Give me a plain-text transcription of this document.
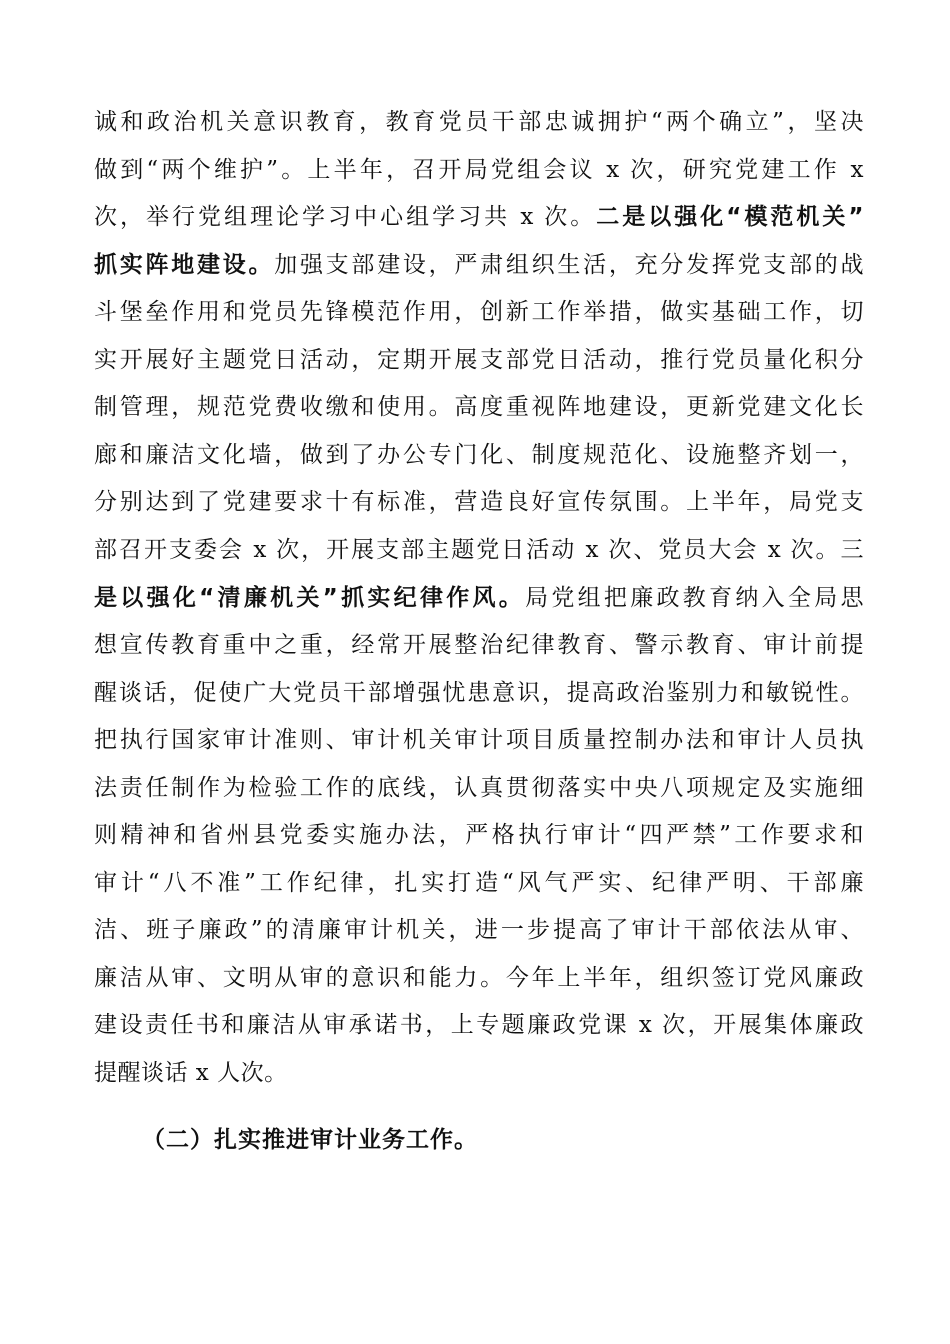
诚和政治机关意识教育，教育党员干部忠诚拥护“两个确立”，坚决
做到“两个维护”。上半年，召开局党组会议 x 次，研究党建工作 x
次，举行党组理论学习中心组学习共 x 次。二是以强化“模范机关”
抓实阵地建设。加强支部建设，严肃组织生活，充分发挥党支部的战
斗堡垒作用和党员先锋模范作用，创新工作举措，做实基础工作，切
实开展好主题党日活动，定期开展支部党日活动，推行党员量化积分
制管理，规范党费收缴和使用。高度重视阵地建设，更新党建文化长
廊和廉洁文化墙，做到了办公专门化、制度规范化、设施整齐划一，
分别达到了党建要求十有标准，营造良好宣传氛围。上半年，局党支
部召开支委会 x 次，开展支部主题党日活动 x 次、党员大会 x 次。三
是以强化“清廉机关”抓实纪律作风。局党组把廉政教育纳入全局思
想宣传教育重中之重，经常开展整治纪律教育、警示教育、审计前提
醒谈话，促使广大党员干部增强忧患意识，提高政治鉴别力和敏锐性。
把执行国家审计准则、审计机关审计项目质量控制办法和审计人员执
法责任制作为检验工作的底线，认真贯彻落实中央八项规定及实施细
则精神和省州县党委实施办法，严格执行审计“四严禁”工作要求和
审计“八不准”工作纪律，扎实打造“风气严实、纪律严明、干部廉
洁、班子廉政”的清廉审计机关，进一步提高了审计干部依法从审、
廉洁从审、文明从审的意识和能力。今年上半年，组织签订党风廉政
建设责任书和廉洁从审承诺书，上专题廉政党课 x 次，开展集体廉政
提醒谈话 x 人次。
（二）扎实推进审计业务工作。
